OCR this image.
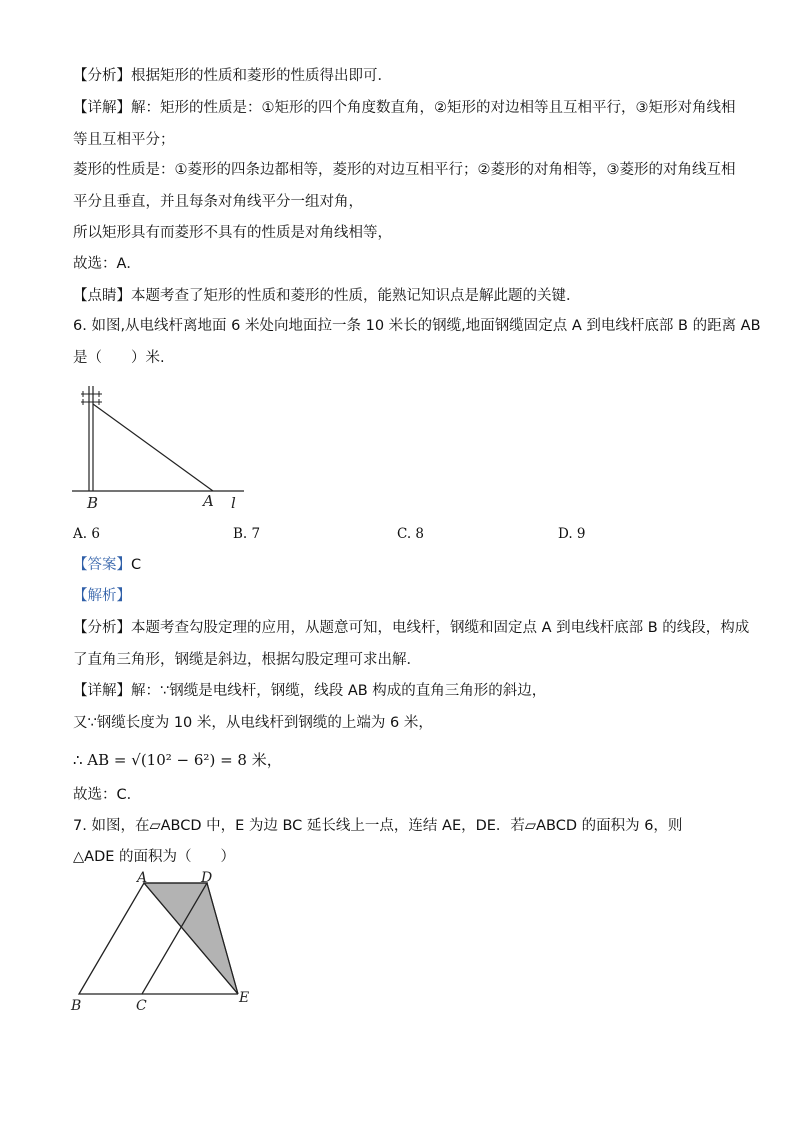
【分析】根据矩形的性质和菱形的性质得出即可．
【详解】解：矩形的性质是：①矩形的四个角度数直角，②矩形的对边相等且互相平行，③矩形对角线相
等且互相平分；
菱形的性质是：①菱形的四条边都相等，菱形的对边互相平行；②菱形的对角相等，③菱形的对角线互相
平分且垂直，并且每条对角线平分一组对角，
所以矩形具有而菱形不具有的性质是对角线相等，
故选：A．
【点睛】本题考查了矩形的性质和菱形的性质，能熟记知识点是解此题的关键．
6. 如图,从电线杆离地面 6 米处向地面拉一条 10 米长的钢缆,地面钢缆固定点 A 到电线杆底部 B 的距离 AB
是（　　）米.
B	A l
A. 6	B. 7	C. 8	D. 9
【答案】C
【解析】
【分析】本题考查勾股定理的应用，从题意可知，电线杆，钢缆和固定点 A 到电线杆底部 B 的线段，构成
了直角三角形，钢缆是斜边，根据勾股定理可求出解．
【详解】解：∵钢缆是电线杆，钢缆，线段 AB 构成的直角三角形的斜边，
又∵钢缆长度为 10 米，从电线杆到钢缆的上端为 6 米，
∴ AB = √(10² − 6²) = 8 米，
故选：C．
7. 如图，在▱ABCD 中，E 为边 BC 延长线上一点，连结 AE，DE．若▱ABCD 的面积为 6，则
△ADE 的面积为（　　）
A	D
B	C	E
